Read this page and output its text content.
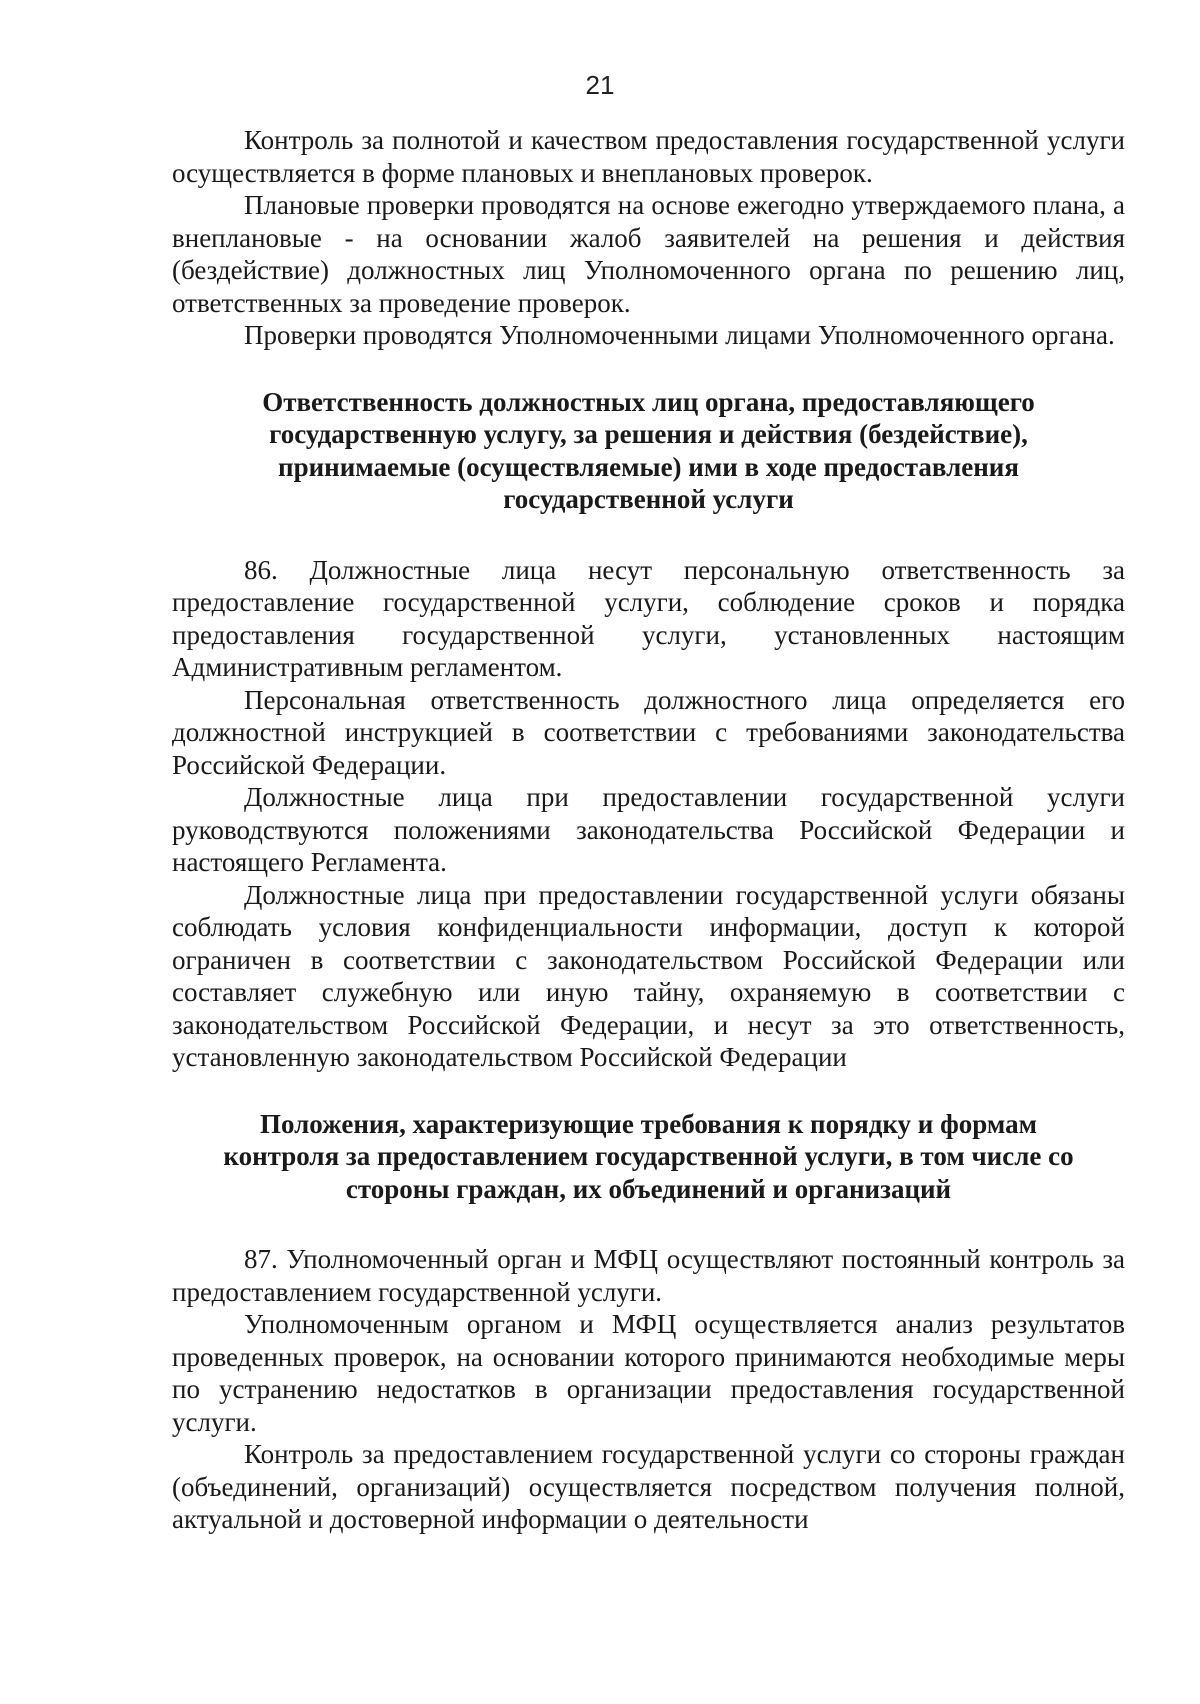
21

Контроль за полнотой и качеством предоставления государственной услуги осуществляется в форме плановых и внеплановых проверок.

Плановые проверки проводятся на основе ежегодно утверждаемого плана, а внеплановые - на основании жалоб заявителей на решения и действия (бездействие) должностных лиц Уполномоченного органа по решению лиц, ответственных за проведение проверок.

Проверки проводятся Уполномоченными лицами Уполномоченного органа.

Ответственность должностных лиц органа, предоставляющего государственную услугу, за решения и действия (бездействие), принимаемые (осуществляемые) ими в ходе предоставления государственной услуги

86. Должностные лица несут персональную ответственность за предоставление государственной услуги, соблюдение сроков и порядка предоставления государственной услуги, установленных настоящим Административным регламентом.

Персональная ответственность должностного лица определяется его должностной инструкцией в соответствии с требованиями законодательства Российской Федерации.

Должностные лица при предоставлении государственной услуги руководствуются положениями законодательства Российской Федерации и настоящего Регламента.

Должностные лица при предоставлении государственной услуги обязаны соблюдать условия конфиденциальности информации, доступ к которой ограничен в соответствии с законодательством Российской Федерации или составляет служебную или иную тайну, охраняемую в соответствии с законодательством Российской Федерации, и несут за это ответственность, установленную законодательством Российской Федерации

Положения, характеризующие требования к порядку и формам контроля за предоставлением государственной услуги, в том числе со стороны граждан, их объединений и организаций

87. Уполномоченный орган и МФЦ осуществляют постоянный контроль за предоставлением государственной услуги.

Уполномоченным органом и МФЦ осуществляется анализ результатов проведенных проверок, на основании которого принимаются необходимые меры по устранению недостатков в организации предоставления государственной услуги.

Контроль за предоставлением государственной услуги со стороны граждан (объединений, организаций) осуществляется посредством получения полной, актуальной и достоверной информации о деятельности
